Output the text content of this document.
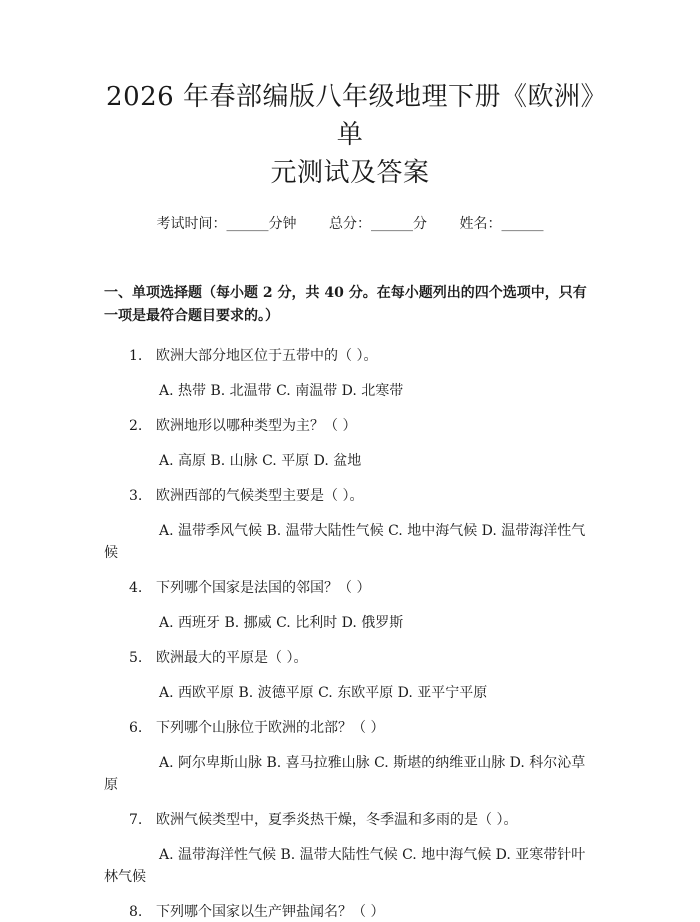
2026 年春部编版八年级地理下册《欧洲》单
元测试及答案
考试时间：______分钟 总分：______分 姓名：______
一、单项选择题（每小题 2 分，共 40 分。在每小题列出的四个选项中，只有一项是最符合题目要求的。）
1. 欧洲大部分地区位于五带中的（ ）。
A. 热带 B. 北温带 C. 南温带 D. 北寒带
2. 欧洲地形以哪种类型为主？（ ）
A. 高原 B. 山脉 C. 平原 D. 盆地
3. 欧洲西部的气候类型主要是（ ）。
A. 温带季风气候 B. 温带大陆性气候 C. 地中海气候 D. 温带海洋性气候
4. 下列哪个国家是法国的邻国？（ ）
A. 西班牙 B. 挪威 C. 比利时 D. 俄罗斯
5. 欧洲最大的平原是（ ）。
A. 西欧平原 B. 波德平原 C. 东欧平原 D. 亚平宁平原
6. 下列哪个山脉位于欧洲的北部？（ ）
A. 阿尔卑斯山脉 B. 喜马拉雅山脉 C. 斯堪的纳维亚山脉 D. 科尔沁草原
7. 欧洲气候类型中，夏季炎热干燥，冬季温和多雨的是（ ）。
A. 温带海洋性气候 B. 温带大陆性气候 C. 地中海气候 D. 亚寒带针叶林气候
8. 下列哪个国家以生产钾盐闻名？（ ）
